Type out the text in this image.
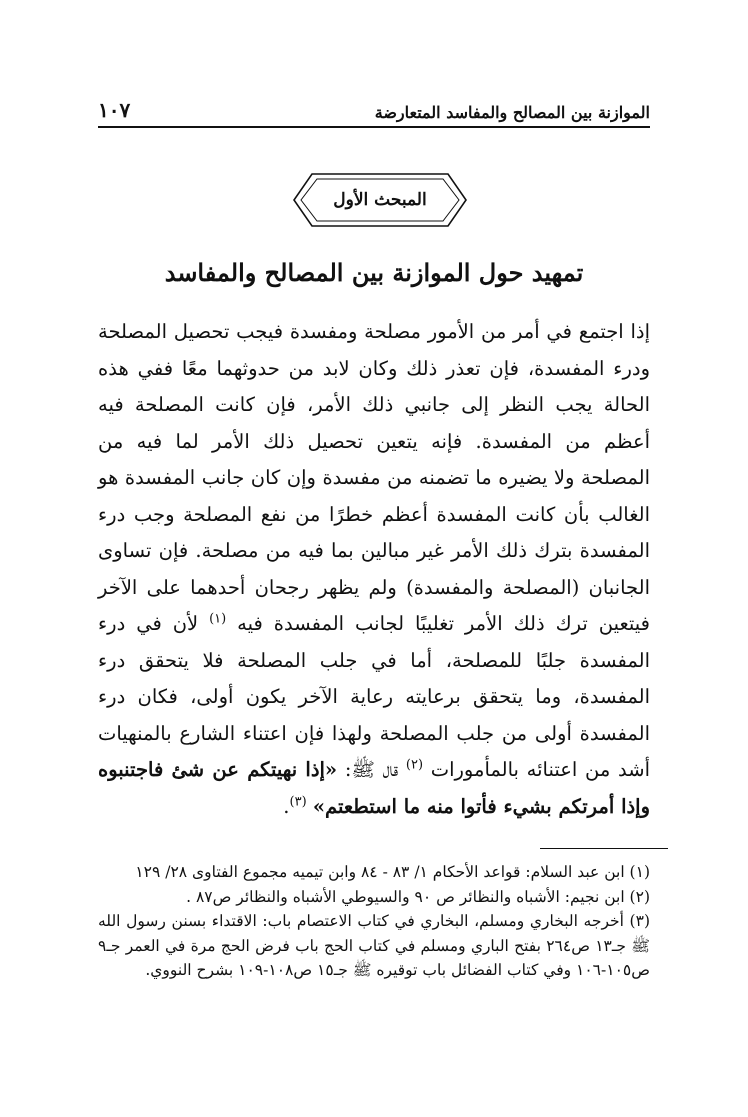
الموازنة بين المصالح والمفاسد المتعارضة
١٠٧
المبحث الأول
تمهيد حول الموازنة بين المصالح والمفاسد

إذا اجتمع في أمر من الأمور مصلحة ومفسدة فيجب تحصيل المصلحة ودرء المفسدة، فإن تعذر ذلك وكان لابد من حدوثهما معًا ففي هذه الحالة يجب النظر إلى جانبي ذلك الأمر، فإن كانت المصلحة فيه أعظم من المفسدة. فإنه يتعين تحصيل ذلك الأمر لما فيه من المصلحة ولا يضيره ما تضمنه من مفسدة وإن كان جانب المفسدة هو الغالب بأن كانت المفسدة أعظم خطرًا من نفع المصلحة وجب درء المفسدة بترك ذلك الأمر غير مبالين بما فيه من مصلحة. فإن تساوى الجانبان (المصلحة والمفسدة) ولم يظهر رجحان أحدهما على الآخر فيتعين ترك ذلك الأمر تغليبًا لجانب المفسدة فيه $^{(١)}$ لأن في درء المفسدة جلبًا للمصلحة، أما في جلب المصلحة فلا يتحقق درء المفسدة، وما يتحقق برعايته رعاية الآخر يكون أولى، فكان درء المفسدة أولى من جلب المصلحة ولهذا فإن اعتناء الشارع بالمنهيات أشد من اعتنائه بالمأمورات $^{(٢)}$ قال ﷺ: «إذا نهيتكم عن شئ فاجتنبوه وإذا أمرتكم بشيء فأتوا منه ما استطعتم» $^{(٣)}$.

(١) ابن عبد السلام: قواعد الأحكام ١/ ٨٣ - ٨٤ وابن تيميه مجموع الفتاوى ٢٨/ ١٢٩

(٢) ابن نجيم: الأشباه والنظائر ص ٩٠ والسيوطي الأشباه والنظائر ص٨٧ .

(٣) أخرجه البخاري ومسلم، البخاري في كتاب الاعتصام باب: الاقتداء بسنن رسول الله ﷺ جـ١٣ ص٢٦٤ بفتح الباري ومسلم في كتاب الحج باب فرض الحج مرة في العمر جـ٩ ص١٠٥-١٠٦ وفي كتاب الفضائل باب توقيره ﷺ جـ١٥ ص١٠٨-١٠٩ بشرح النووي.
